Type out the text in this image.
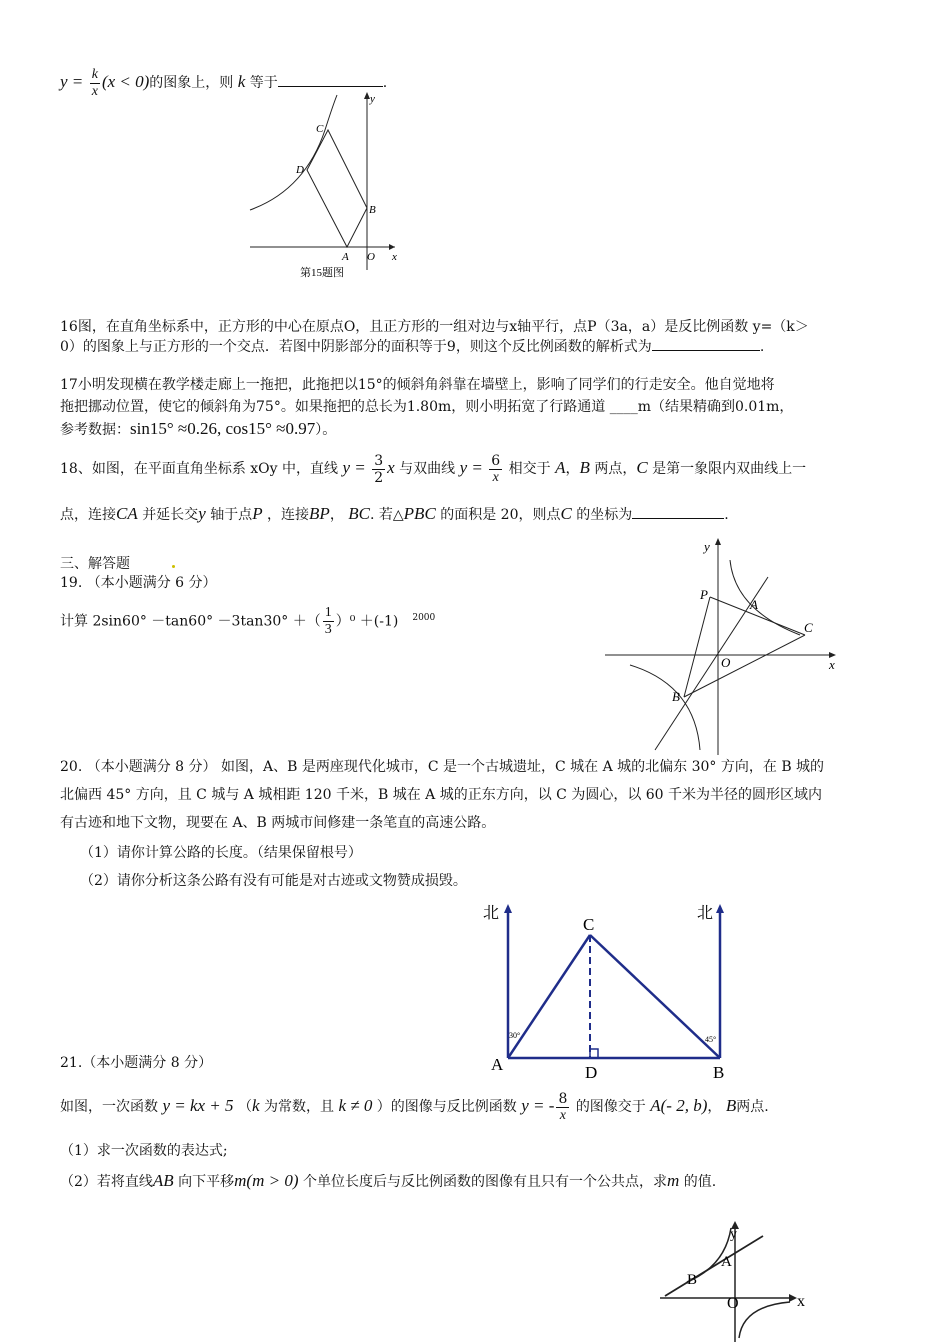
$y = \frac{k}{x} (x < 0)$的图象上，则 k 等于	.
C
D
B
A O x
y
第15题图
16图，在直角坐标系中，正方形的中心在原点O，且正方形的一组对边与x轴平行，点P（3a，a）是反比例函数 y=（k＞
0）的图象上与正方形的一个交点．若图中阴影部分的面积等于9，则这个反比例函数的解析式为	.
17小明发现横在教学楼走廊上一拖把，此拖把以15°的倾斜角斜靠在墙壁上，影响了同学们的行走安全。他自觉地将
拖把挪动位置，使它的倾斜角为75°。如果拖把的总长为1.80m，则小明拓宽了行路通道 ____m（结果精确到0.01m，
参考数据：sin15° ≈0.26, cos15° ≈0.97）。
18、如图，在平面直角坐标系 xOy 中，直线 $y = \frac{3}{2}$ x 与双曲线 $y = \frac{6}{x}$ 相交于 A，B 两点，C 是第一象限内双曲线上一
点，连接CA 并延长交y 轴于点P ，连接BP， BC. 若△PBC 的面积是 20，则点C 的坐标为	.
y
P
A
C
O	x
B
三、解答题
19. （本小题满分 6 分）
计算 2sin60° －tan60° －3tan30° ＋（ $\frac{1}{3} )^0 +(-1)$ $^{2000}$
20. （本小题满分 8 分） 如图，A、B 是两座现代化城市，C 是一个古城遗址，C 城在 A 城的北偏东 30° 方向，在 B 城的
北偏西 45° 方向，且 C 城与 A 城相距 120 千米，B 城在 A 城的正东方向，以 C 为圆心，以 60 千米为半径的圆形区域内
有古迹和地下文物，现要在 A、B 两城市间修建一条笔直的高速公路。
（1）请你计算公路的长度。（结果保留根号）
（2）请你分析这条公路有没有可能是对古迹或文物赞成损毁。
北	北
C
A	D	B
30°	45°
21.（本小题满分 8 分）
如图，一次函数 y = kx + 5 （k 为常数，且 k ≠ 0 ）的图像与反比例函数 y = - $\frac{8}{x}$ 的图像交于 A(- 2, b)， B两点.
（1）求一次函数的表达式;
（2）若将直线AB 向下平移m(m > 0) 个单位长度后与反比例函数的图像有且只有一个公共点，求m 的值.
y
A
B
O	x
